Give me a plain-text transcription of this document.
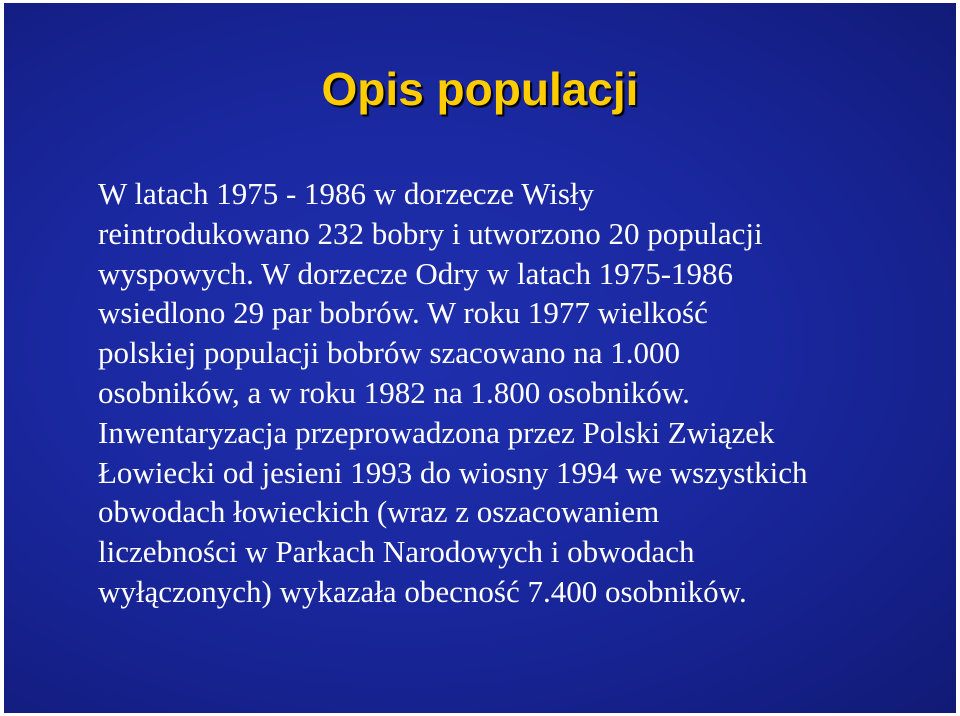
Opis populacji
W latach 1975 - 1986 w dorzecze Wisły
reintrodukowano 232 bobry i utworzono 20 populacji
wyspowych. W dorzecze Odry w latach 1975-1986
wsiedlono 29 par bobrów. W roku 1977 wielkość
polskiej populacji bobrów szacowano na 1.000
osobników, a w roku 1982 na 1.800 osobników.
Inwentaryzacja przeprowadzona przez Polski Związek
Łowiecki od jesieni 1993 do wiosny 1994 we wszystkich
obwodach łowieckich (wraz z oszacowaniem
liczebności w Parkach Narodowych i obwodach
wyłączonych) wykazała obecność 7.400 osobników.
